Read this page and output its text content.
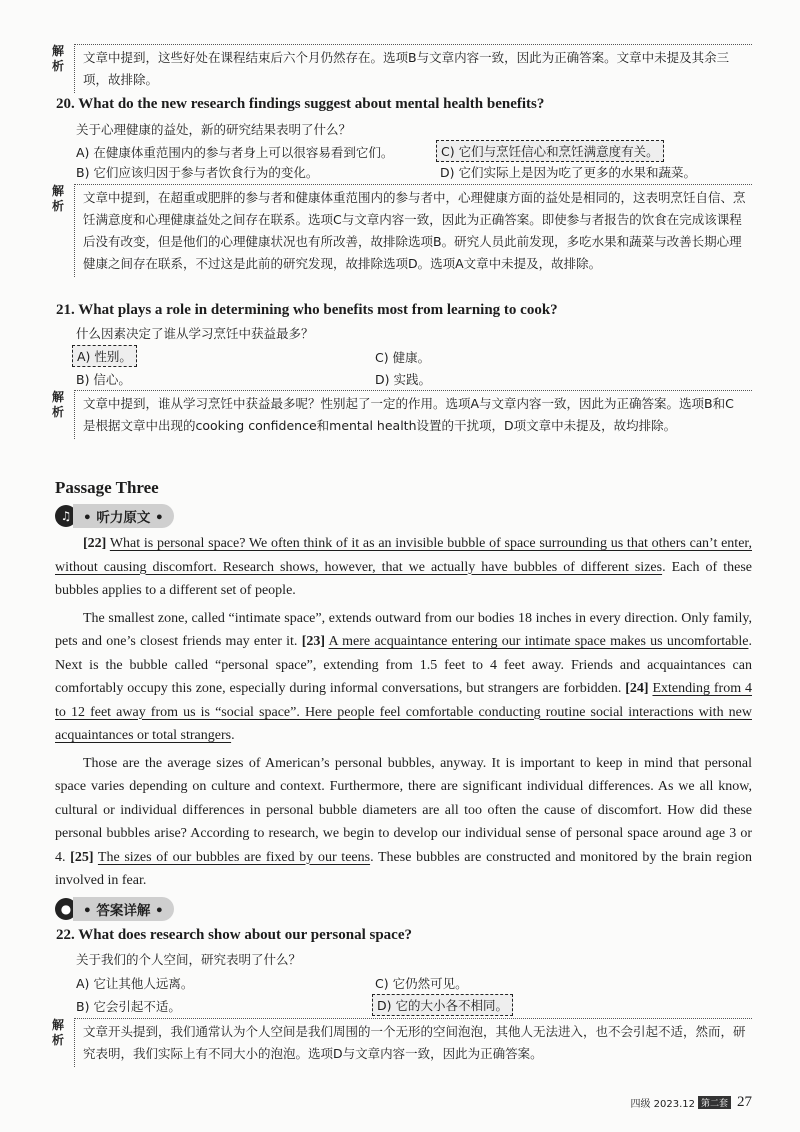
解
析
文章中提到，这些好处在课程结束后六个月仍然存在。选项B与文章内容一致，因此为正确答案。文章中未提及其余三项，故排除。
20. What do the new research findings suggest about mental health benefits?
关于心理健康的益处，新的研究结果表明了什么？
A) 在健康体重范围内的参与者身上可以很容易看到它们。	C) 它们与烹饪信心和烹饪满意度有关。
B) 它们应该归因于参与者饮食行为的变化。	D) 它们实际上是因为吃了更多的水果和蔬菜。
解
析
文章中提到，在超重或肥胖的参与者和健康体重范围内的参与者中，心理健康方面的益处是相同的，这表明烹饪自信、烹饪满意度和心理健康益处之间存在联系。选项C与文章内容一致，因此为正确答案。即使参与者报告的饮食在完成该课程后没有改变，但是他们的心理健康状况也有所改善，故排除选项B。研究人员此前发现，多吃水果和蔬菜与改善长期心理健康之间存在联系，不过这是此前的研究发现，故排除选项D。选项A文章中未提及，故排除。
21. What plays a role in determining who benefits most from learning to cook?
什么因素决定了谁从学习烹饪中获益最多？
A) 性别。	C) 健康。
B) 信心。	D) 实践。
解
析
文章中提到，谁从学习烹饪中获益最多呢？性别起了一定的作用。选项A与文章内容一致，因此为正确答案。选项B和C是根据文章中出现的cooking confidence和mental health设置的干扰项，D项文章中未提及，故均排除。
Passage Three
♫ • 听力原文 •

[22] What is personal space? We often think of it as an invisible bubble of space surrounding us that others can’t enter, without causing discomfort. Research shows, however, that we actually have bubbles of different sizes. Each of these bubbles applies to a different set of people.

The smallest zone, called “intimate space”, extends outward from our bodies 18 inches in every direction. Only family, pets and one’s closest friends may enter it. [23] A mere acquaintance entering our intimate space makes us uncomfortable. Next is the bubble called “personal space”, extending from 1.5 feet to 4 feet away. Friends and acquaintances can comfortably occupy this zone, especially during informal conversations, but strangers are forbidden. [24] Extending from 4 to 12 feet away from us is “social space”. Here people feel comfortable conducting routine social interactions with new acquaintances or total strangers.

Those are the average sizes of American’s personal bubbles, anyway. It is important to keep in mind that personal space varies depending on culture and context. Furthermore, there are significant individual differences. As we all know, cultural or individual differences in personal bubble diameters are all too often the cause of discomfort. How did these personal bubbles arise? According to research, we begin to develop our individual sense of personal space around age 3 or 4. [25] The sizes of our bubbles are fixed by our teens. These bubbles are constructed and monitored by the brain region involved in fear.

● • 答案详解 •
22. What does research show about our personal space?
关于我们的个人空间，研究表明了什么？
A) 它让其他人远离。	C) 它仍然可见。
B) 它会引起不适。	D) 它的大小各不相同。
解
析
文章开头提到，我们通常认为个人空间是我们周围的一个无形的空间泡泡，其他人无法进入，也不会引起不适，然而，研究表明，我们实际上有不同大小的泡泡。选项D与文章内容一致，因此为正确答案。
四级 2023.12 第二套 27
